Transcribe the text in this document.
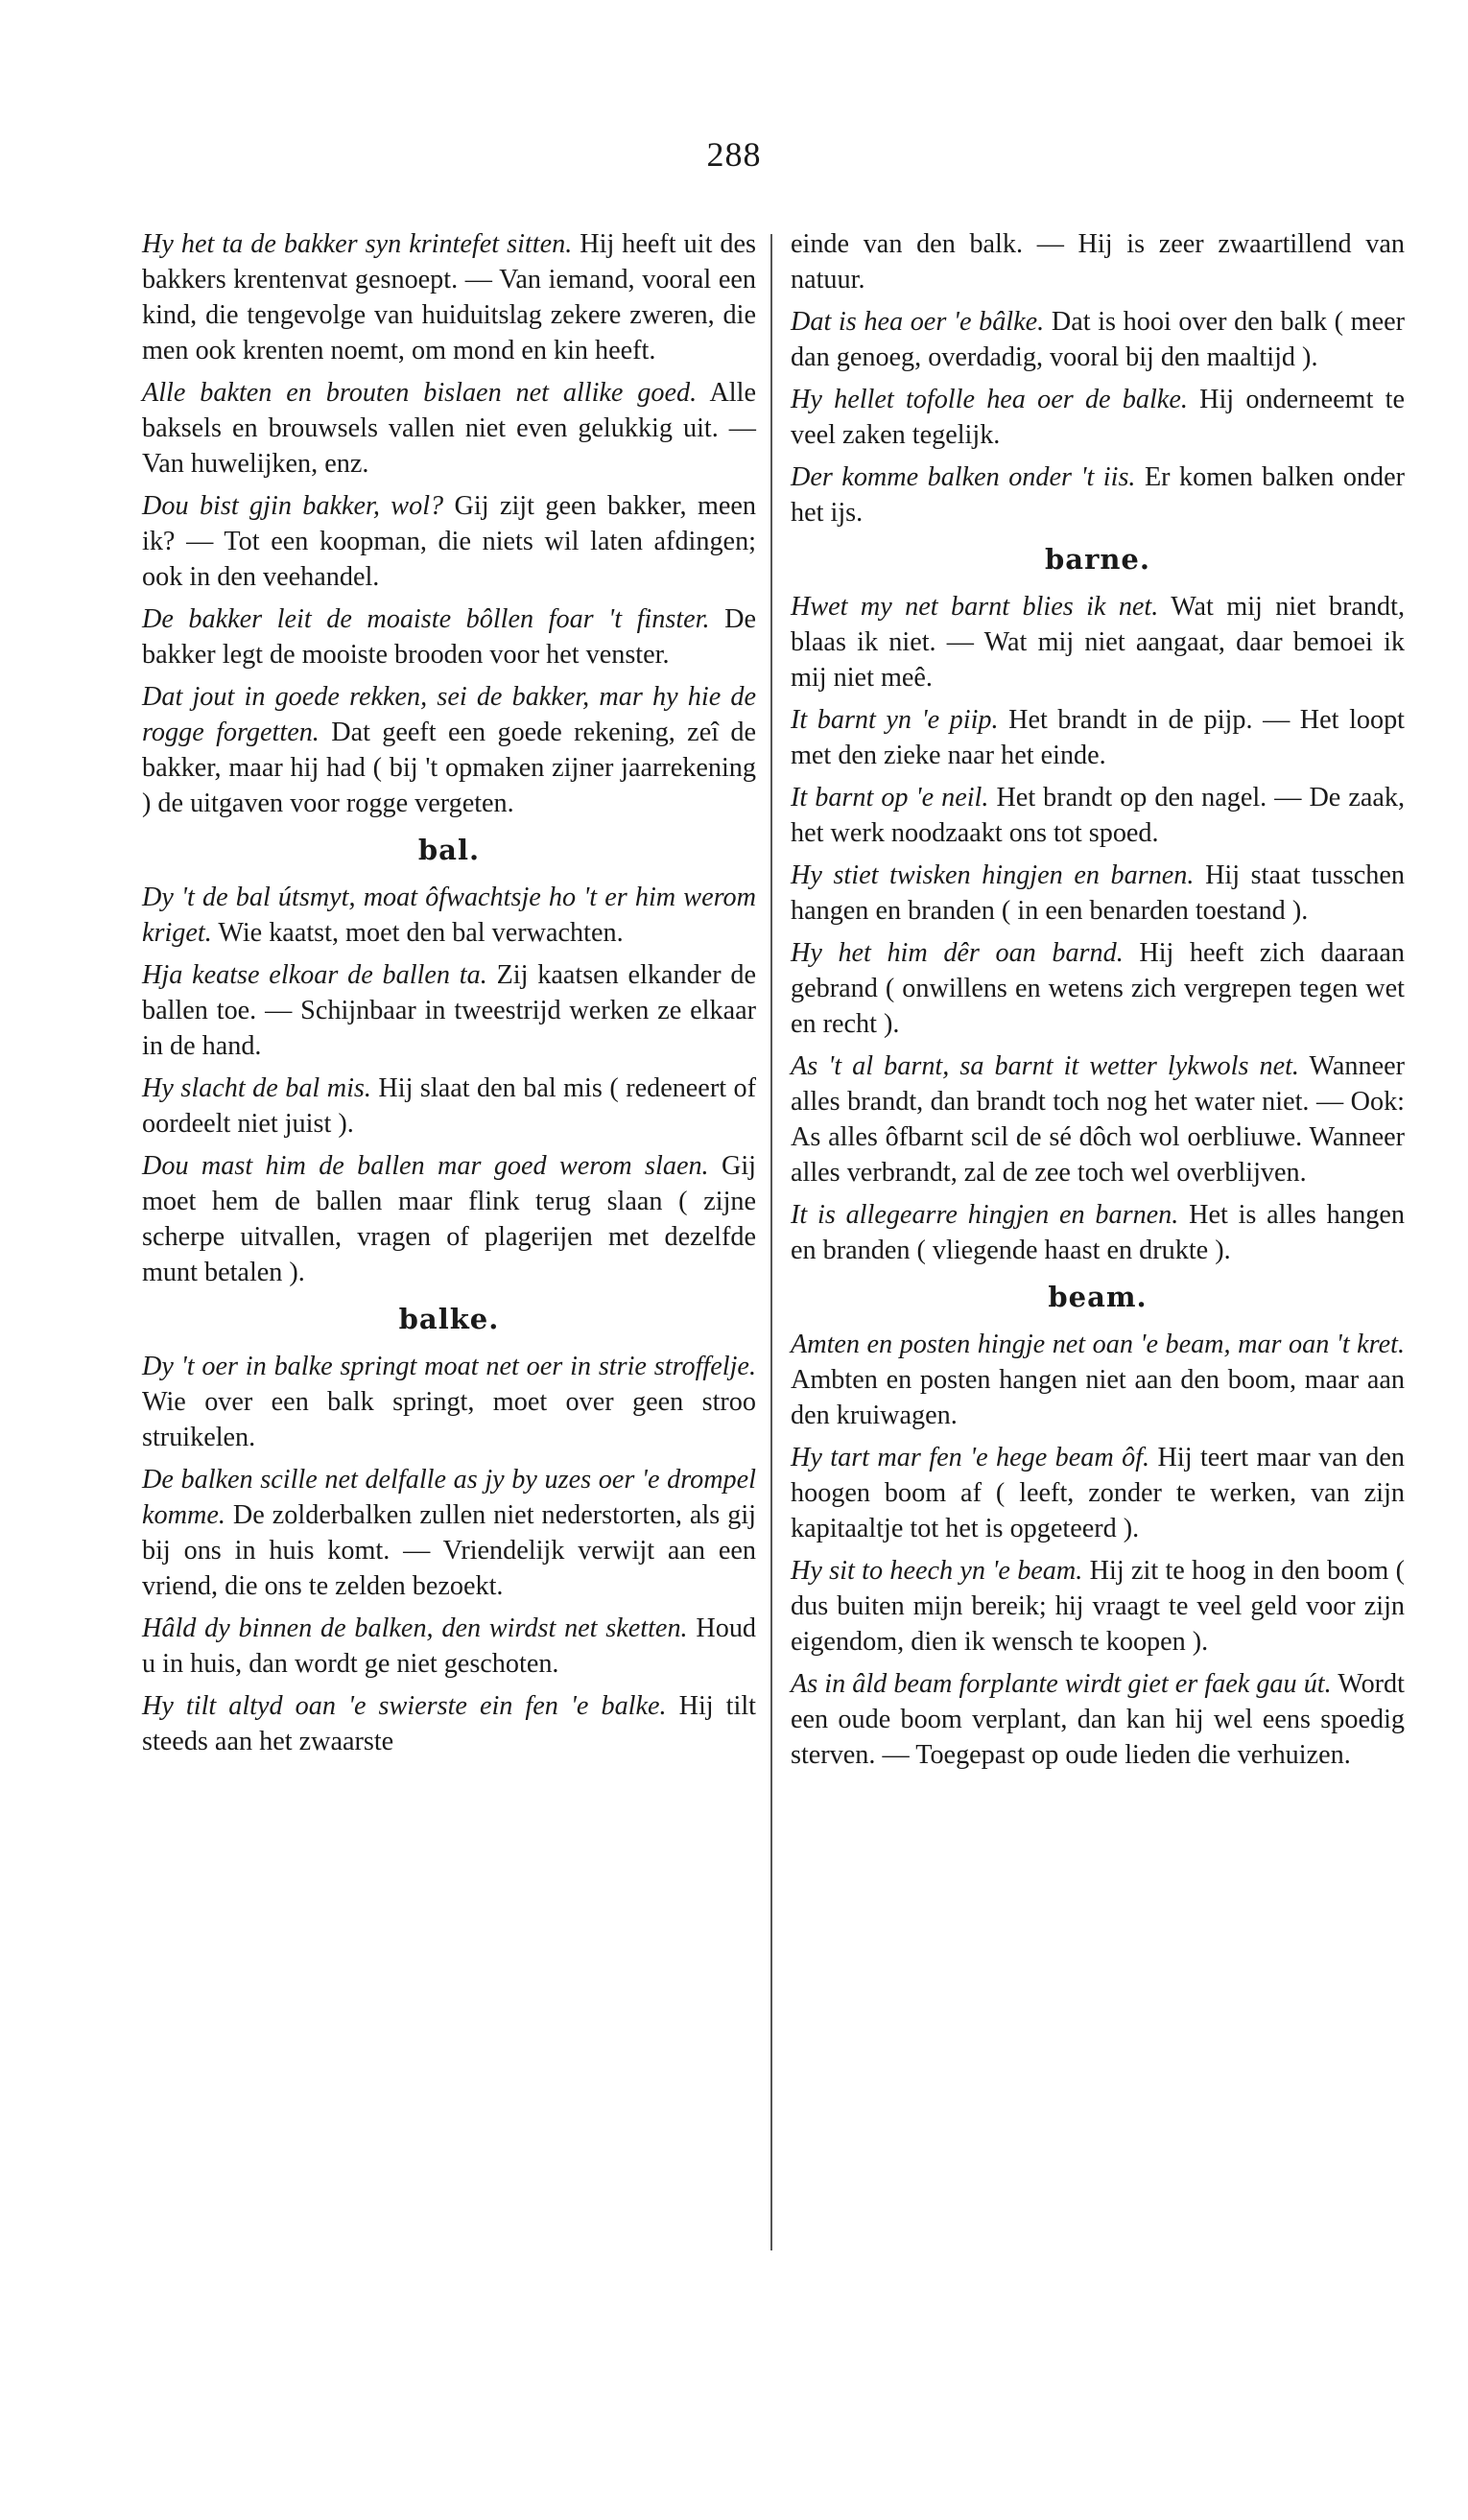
288
Hy het ta de bakker syn krintefet sitten. Hij heeft uit des bakkers krentenvat gesnoept. — Van iemand, vooral een kind, die tengevolge van huiduitslag zekere zweren, die men ook krenten noemt, om mond en kin heeft.
Alle bakten en brouten bislaen net allike goed. Alle baksels en brouwsels vallen niet even gelukkig uit. — Van huwelijken, enz.
Dou bist gjin bakker, wol? Gij zijt geen bakker, meen ik? — Tot een koopman, die niets wil laten afdingen; ook in den veehandel.
De bakker leit de moaiste bôllen foar 't finster. De bakker legt de mooiste brooden voor het venster.
Dat jout in goede rekken, sei de bakker, mar hy hie de rogge forgetten. Dat geeft een goede rekening, zeî de bakker, maar hij had ( bij 't opmaken zijner jaarrekening ) de uitgaven voor rogge vergeten.
bal.
Dy 't de bal útsmyt, moat ôfwachtsje ho 't er him werom kriget. Wie kaatst, moet den bal verwachten.
Hja keatse elkoar de ballen ta. Zij kaatsen elkander de ballen toe. — Schijnbaar in tweestrijd werken ze elkaar in de hand.
Hy slacht de bal mis. Hij slaat den bal mis ( redeneert of oordeelt niet juist ).
Dou mast him de ballen mar goed werom slaen. Gij moet hem de ballen maar flink terug slaan ( zijne scherpe uitvallen, vragen of plagerijen met dezelfde munt betalen ).
balke.
Dy 't oer in balke springt moat net oer in strie stroffelje. Wie over een balk springt, moet over geen stroo struikelen.
De balken scille net delfalle as jy by uzes oer 'e drompel komme. De zolderbalken zullen niet nederstorten, als gij bij ons in huis komt. — Vriendelijk verwijt aan een vriend, die ons te zelden bezoekt.
Hâld dy binnen de balken, den wirdst net sketten. Houd u in huis, dan wordt ge niet geschoten.
Hy tilt altyd oan 'e swierste ein fen 'e balke. Hij tilt steeds aan het zwaarste
einde van den balk. — Hij is zeer zwaartillend van natuur.
Dat is hea oer 'e bâlke. Dat is hooi over den balk ( meer dan genoeg, overdadig, vooral bij den maaltijd ).
Hy hellet tofolle hea oer de balke. Hij onderneemt te veel zaken tegelijk.
Der komme balken onder 't iis. Er komen balken onder het ijs.
barne.
Hwet my net barnt blies ik net. Wat mij niet brandt, blaas ik niet. — Wat mij niet aangaat, daar bemoei ik mij niet meê.
It barnt yn 'e piip. Het brandt in de pijp. — Het loopt met den zieke naar het einde.
It barnt op 'e neil. Het brandt op den nagel. — De zaak, het werk noodzaakt ons tot spoed.
Hy stiet twisken hingjen en barnen. Hij staat tusschen hangen en branden ( in een benarden toestand ).
Hy het him dêr oan barnd. Hij heeft zich daaraan gebrand ( onwillens en wetens zich vergrepen tegen wet en recht ).
As 't al barnt, sa barnt it wetter lykwols net. Wanneer alles brandt, dan brandt toch nog het water niet. — Ook: As alles ôfbarnt scil de sé dôch wol oerbliuwe. Wanneer alles verbrandt, zal de zee toch wel overblijven.
It is allegearre hingjen en barnen. Het is alles hangen en branden ( vliegende haast en drukte ).
beam.
Amten en posten hingje net oan 'e beam, mar oan 't kret. Ambten en posten hangen niet aan den boom, maar aan den kruiwagen.
Hy tart mar fen 'e hege beam ôf. Hij teert maar van den hoogen boom af ( leeft, zonder te werken, van zijn kapitaaltje tot het is opgeteerd ).
Hy sit to heech yn 'e beam. Hij zit te hoog in den boom ( dus buiten mijn bereik; hij vraagt te veel geld voor zijn eigendom, dien ik wensch te koopen ).
As in âld beam forplante wirdt giet er faek gau út. Wordt een oude boom verplant, dan kan hij wel eens spoedig sterven. — Toegepast op oude lieden die verhuizen.
